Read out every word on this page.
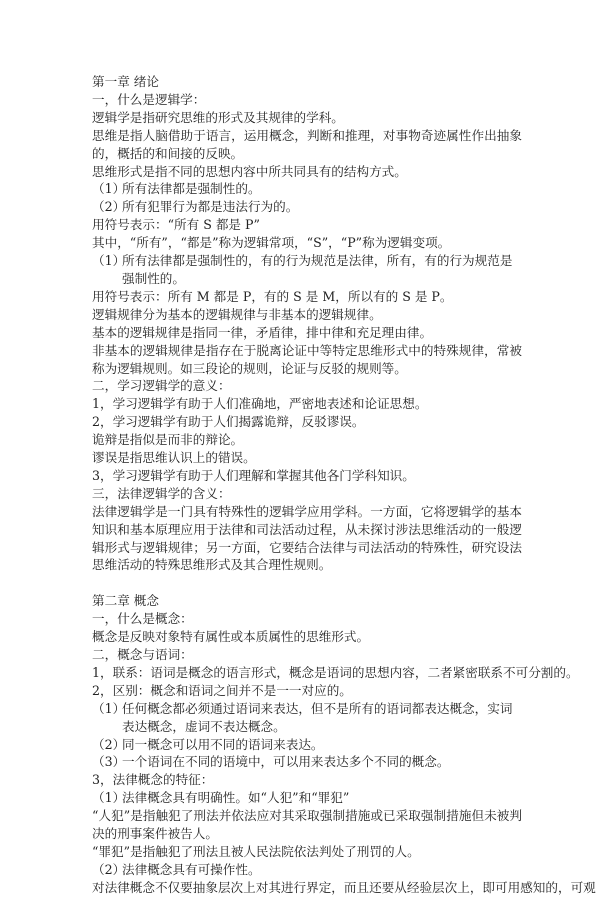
第一章 绪论
一，什么是逻辑学：
逻辑学是指研究思维的形式及其规律的学科。
思维是指人脑借助于语言，运用概念，判断和推理，对事物奇迹属性作出抽象的，概括的和间接的反映。
思维形式是指不同的思想内容中所共同具有的结构方式。
（1）
所有法律都是强制性的。
（2）
所有犯罪行为都是违法行为的。
用符号表示：“所有 S 都是 P”
其中，“所有”，“都是”称为逻辑常项，“S”，“P”称为逻辑变项。
（1）
所有法律都是强制性的，有的行为规范是法律，所有，有的行为规范是强制性的。
用符号表示：所有 M 都是 P，有的 S 是 M，所以有的 S 是 P。
逻辑规律分为基本的逻辑规律与非基本的逻辑规律。
基本的逻辑规律是指同一律，矛盾律，排中律和充足理由律。
非基本的逻辑规律是指存在于脱离论证中等特定思维形式中的特殊规律，常被称为逻辑规则。如三段论的规则，论证与反驳的规则等。
二，学习逻辑学的意义：
1，学习逻辑学有助于人们准确地，严密地表述和论证思想。
2，学习逻辑学有助于人们揭露诡辩，反驳谬误。
诡辩是指似是而非的辩论。
谬误是指思维认识上的错误。
3，学习逻辑学有助于人们理解和掌握其他各门学科知识。
三，法律逻辑学的含义：
法律逻辑学是一门具有特殊性的逻辑学应用学科。一方面，它将逻辑学的基本知识和基本原理应用于法律和司法活动过程，从未探讨涉法思维活动的一般逻辑形式与逻辑规律；另一方面，它要结合法律与司法活动的特殊性，研究设法思维活动的特殊思维形式及其合理性规则。
第二章 概念
一，什么是概念：
概念是反映对象特有属性或本质属性的思维形式。
二，概念与语词：
1，联系：语词是概念的语言形式，概念是语词的思想内容，二者紧密联系不可分割的。
2，区别：概念和语词之间并不是一一对应的。
（1）
任何概念都必须通过语词来表达，但不是所有的语词都表达概念，实词表达概念，虚词不表达概念。
（2）
同一概念可以用不同的语词来表达。
（3）
一个语词在不同的语境中，可以用来表达多个不同的概念。
3，法律概念的特征：
（1）
法律概念具有明确性。如“人犯”和“罪犯”
“人犯”是指触犯了刑法并依法应对其采取强制措施或已采取强制措施但未被判决的刑事案件被告人。
“罪犯”是指触犯了刑法且被人民法院依法判处了刑罚的人。
（2）
法律概念具有可操作性。
对法律概念不仅要抽象层次上对其进行界定，而且还要从经验层次上，即可用感知的，可观
